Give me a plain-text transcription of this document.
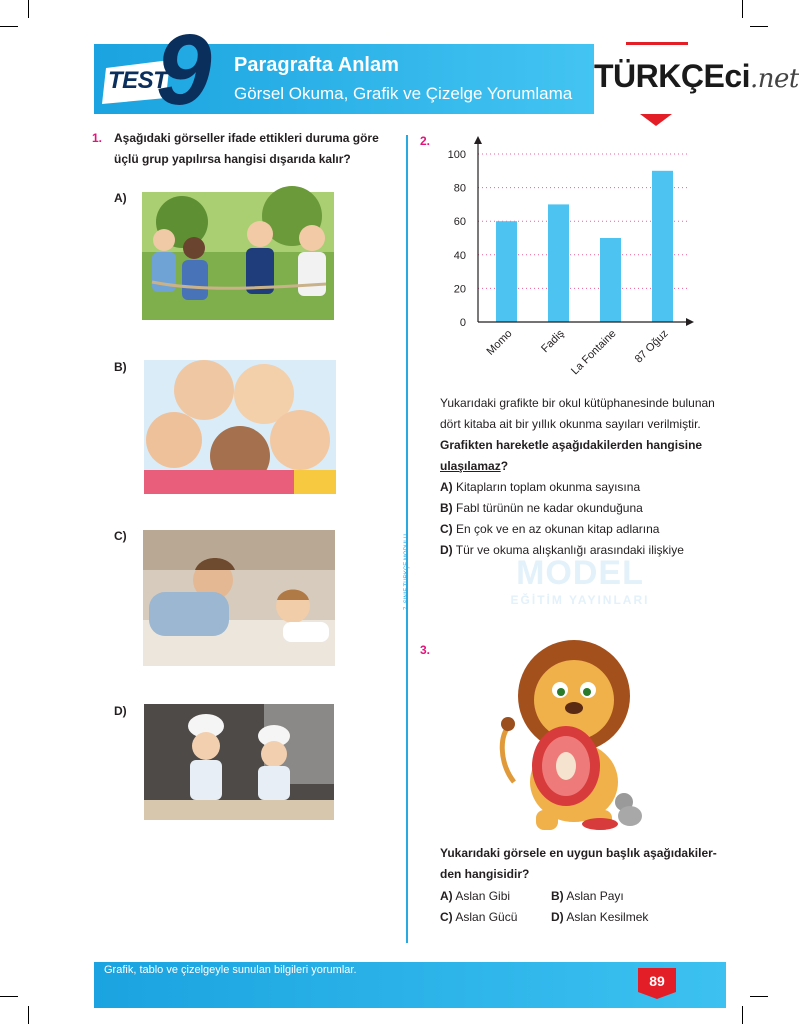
TEST
9 Paragrafta Anlam
Görsel Okuma, Grafik ve Çizelge Yorumlama TÜRKÇEci.net
7. SINIF TÜRKÇE MODÜLÜ	MODEL
EĞİTİM YAYINLARI
1. Aşağıdaki görseller ifade ettikleri duruma göre
üçlü grup yapılırsa hangisi dışarıda kalır?
A)
B)
C)
D)
2.
0
20
40
60
80
100
Momo Fadiş La Fontaine 87 Oğuz
Yukarıdaki grafikte bir okul kütüphanesinde bulunan
dört kitaba ait bir yıllık okunma sayıları verilmiştir.
Grafikten hareketle aşağıdakilerden hangisine
ulaşılamaz?
A) Kitapların toplam okunma sayısına
B) Fabl türünün ne kadar okunduğuna
C) En çok ve en az okunan kitap adlarına
D) Tür ve okuma alışkanlığı arasındaki ilişkiye
3.
Yukarıdaki görsele en uygun başlık aşağıdakiler-
den hangisidir?
A) Aslan Gibi
C) Aslan Gücü
B) Aslan Payı
D) Aslan Kesilmek
Grafik, tablo ve çizelgeyle sunulan bilgileri yorumlar.
89
